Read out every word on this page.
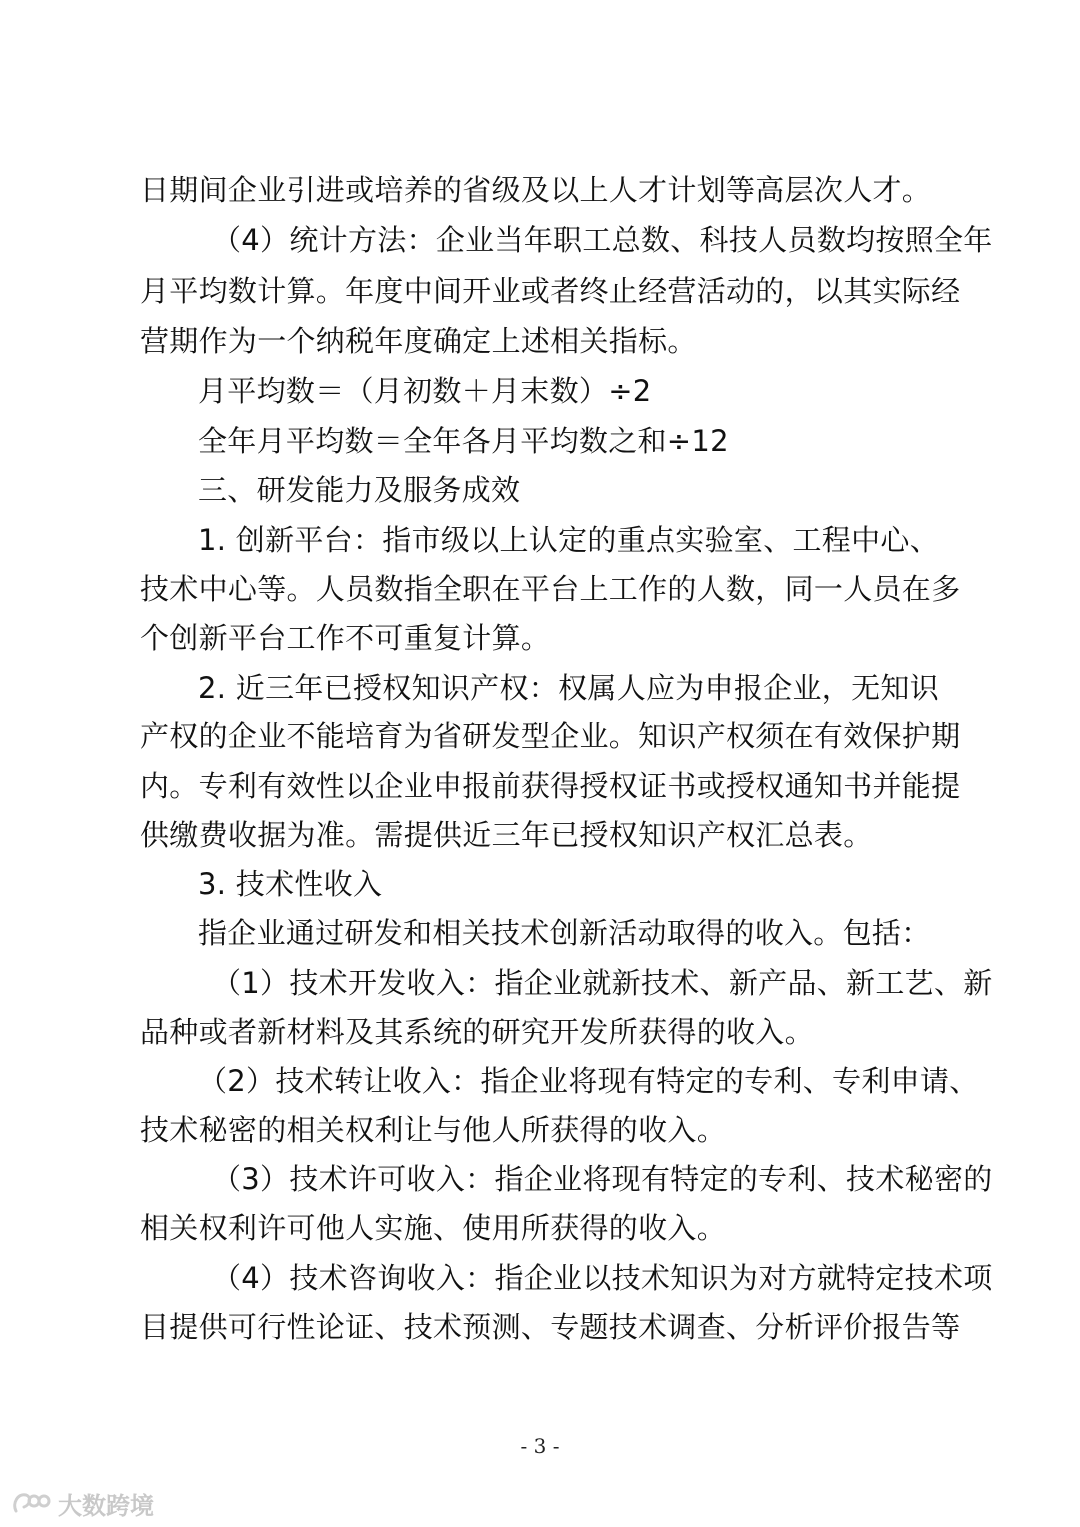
日期间企业引进或培养的省级及以上人才计划等高层次人才。
（4）统计方法：企业当年职工总数、科技人员数均按照全年
月平均数计算。年度中间开业或者终止经营活动的，以其实际经
营期作为一个纳税年度确定上述相关指标。
月平均数＝（月初数＋月末数）÷2
全年月平均数＝全年各月平均数之和÷12
三、研发能力及服务成效
1. 创新平台：指市级以上认定的重点实验室、工程中心、
技术中心等。人员数指全职在平台上工作的人数，同一人员在多
个创新平台工作不可重复计算。
2. 近三年已授权知识产权：权属人应为申报企业，无知识
产权的企业不能培育为省研发型企业。知识产权须在有效保护期
内。专利有效性以企业申报前获得授权证书或授权通知书并能提
供缴费收据为准。需提供近三年已授权知识产权汇总表。
3. 技术性收入
指企业通过研发和相关技术创新活动取得的收入。包括：
（1）技术开发收入：指企业就新技术、新产品、新工艺、新
品种或者新材料及其系统的研究开发所获得的收入。
（2）技术转让收入：指企业将现有特定的专利、专利申请、
技术秘密的相关权利让与他人所获得的收入。
（3）技术许可收入：指企业将现有特定的专利、技术秘密的
相关权利许可他人实施、使用所获得的收入。
（4）技术咨询收入：指企业以技术知识为对方就特定技术项
目提供可行性论证、技术预测、专题技术调查、分析评价报告等
- 3 -
大数跨境
